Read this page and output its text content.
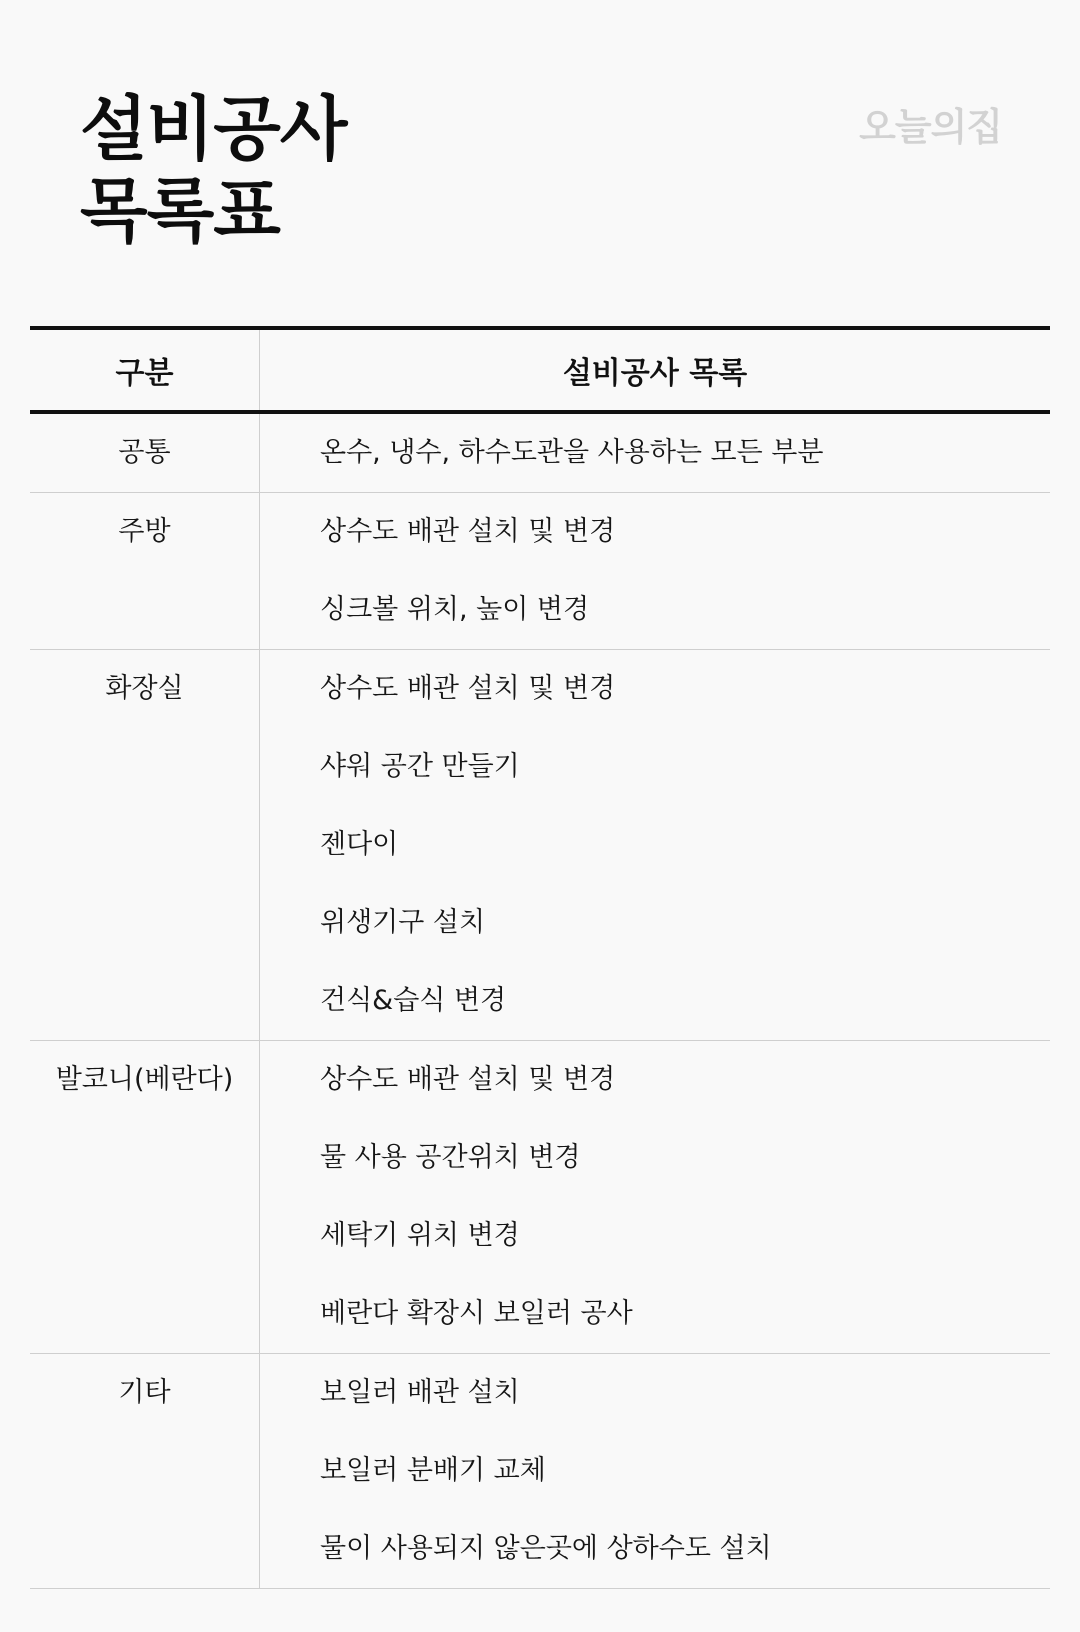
설비공사
목록표
오늘의집
구분	설비공사 목록
공통	온수, 냉수, 하수도관을 사용하는 모든 부분
주방	상수도 배관 설치 및 변경
싱크볼 위치, 높이 변경
화장실	상수도 배관 설치 및 변경
샤워 공간 만들기
젠다이
위생기구 설치
건식&습식 변경
발코니(베란다)	상수도 배관 설치 및 변경
물 사용 공간위치 변경
세탁기 위치 변경
베란다 확장시 보일러 공사
기타	보일러 배관 설치
보일러 분배기 교체
물이 사용되지 않은곳에 상하수도 설치
